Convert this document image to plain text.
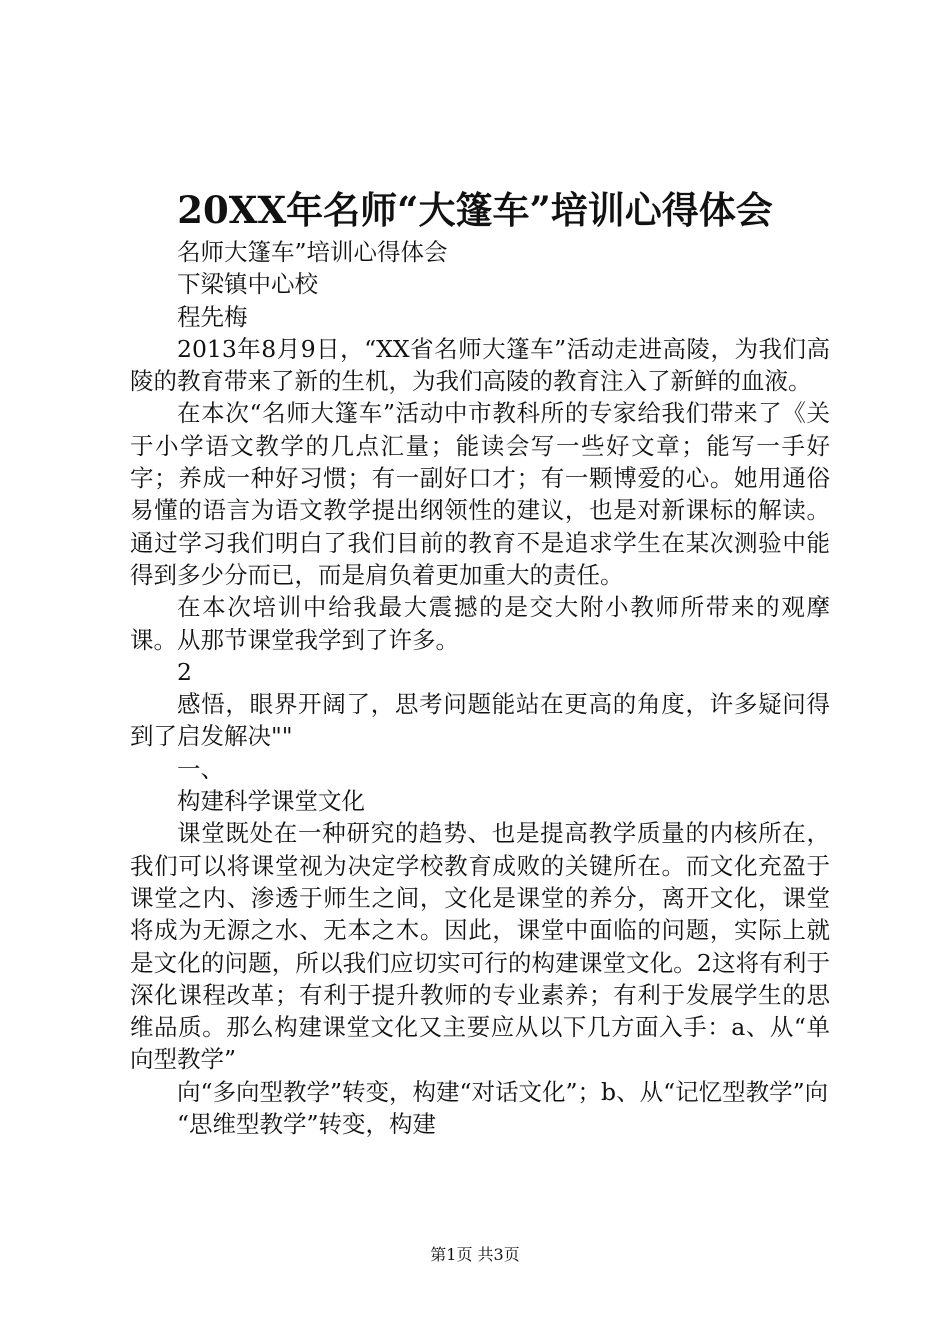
20XX年名师“大篷车”培训心得体会

名师大篷车”培训心得体会

下梁镇中心校

程先梅

2013年8月9日，“XX省名师大篷车”活动走进高陵，为我们高陵的教育带来了新的生机，为我们高陵的教育注入了新鲜的血液。

在本次“名师大篷车”活动中市教科所的专家给我们带来了《关于小学语文教学的几点汇量；能读会写一些好文章；能写一手好字；养成一种好习惯；有一副好口才；有一颗博爱的心。她用通俗易懂的语言为语文教学提出纲领性的建议，也是对新课标的解读。通过学习我们明白了我们目前的教育不是追求学生在某次测验中能得到多少分而已，而是肩负着更加重大的责任。

在本次培训中给我最大震撼的是交大附小教师所带来的观摩课。从那节课堂我学到了许多。

2

感悟，眼界开阔了，思考问题能站在更高的角度，许多疑问得到了启发解决""

一、

构建科学课堂文化

课堂既处在一种研究的趋势、也是提高教学质量的内核所在，我们可以将课堂视为决定学校教育成败的关键所在。而文化充盈于课堂之内、渗透于师生之间，文化是课堂的养分，离开文化，课堂将成为无源之水、无本之木。因此，课堂中面临的问题，实际上就是文化的问题，所以我们应切实可行的构建课堂文化。2这将有利于深化课程改革；有利于提升教师的专业素养；有利于发展学生的思维品质。那么构建课堂文化又主要应从以下几方面入手：a、从“单向型教学”

向“多向型教学”转变，构建“对话文化”；b、从“记忆型教学”向

“思维型教学”转变，构建

第1页 共3页
